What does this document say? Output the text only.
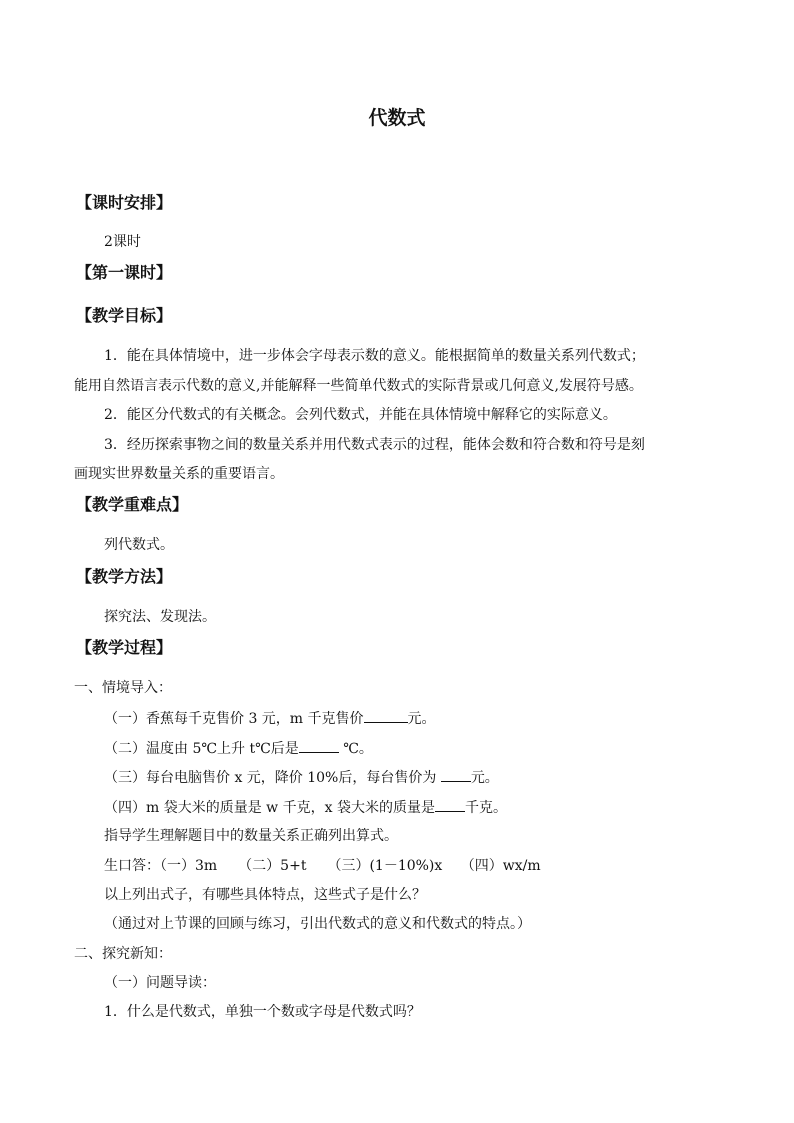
代数式
【课时安排】
2课时
【第一课时】
【教学目标】
1．能在具体情境中，进一步体会字母表示数的意义。能根据简单的数量关系列代数式；
能用自然语言表示代数的意义,并能解释一些简单代数式的实际背景或几何意义,发展符号感。
2．能区分代数式的有关概念。会列代数式，并能在具体情境中解释它的实际意义。
3．经历探索事物之间的数量关系并用代数式表示的过程，能体会数和符合数和符号是刻
画现实世界数量关系的重要语言。
【教学重难点】
列代数式。
【教学方法】
探究法、发现法。
【教学过程】
一、情境导入：
（一）香蕉每千克售价 3 元，m 千克售价	元。
（二）温度由 5℃上升 t℃后是	℃。
（三）每台电脑售价 x 元，降价 10%后，每台售价为 元。
（四）m 袋大米的质量是 w 千克，x 袋大米的质量是 千克。
指导学生理解题目中的数量关系正确列出算式。
生口答：（一）3m　　（二）5+t　　（三）(1－10%)x　 （四）wx/m
以上列出式子，有哪些具体特点，这些式子是什么？
（通过对上节课的回顾与练习，引出代数式的意义和代数式的特点。）
二、探究新知：
（一）问题导读：
1．什么是代数式，单独一个数或字母是代数式吗？
